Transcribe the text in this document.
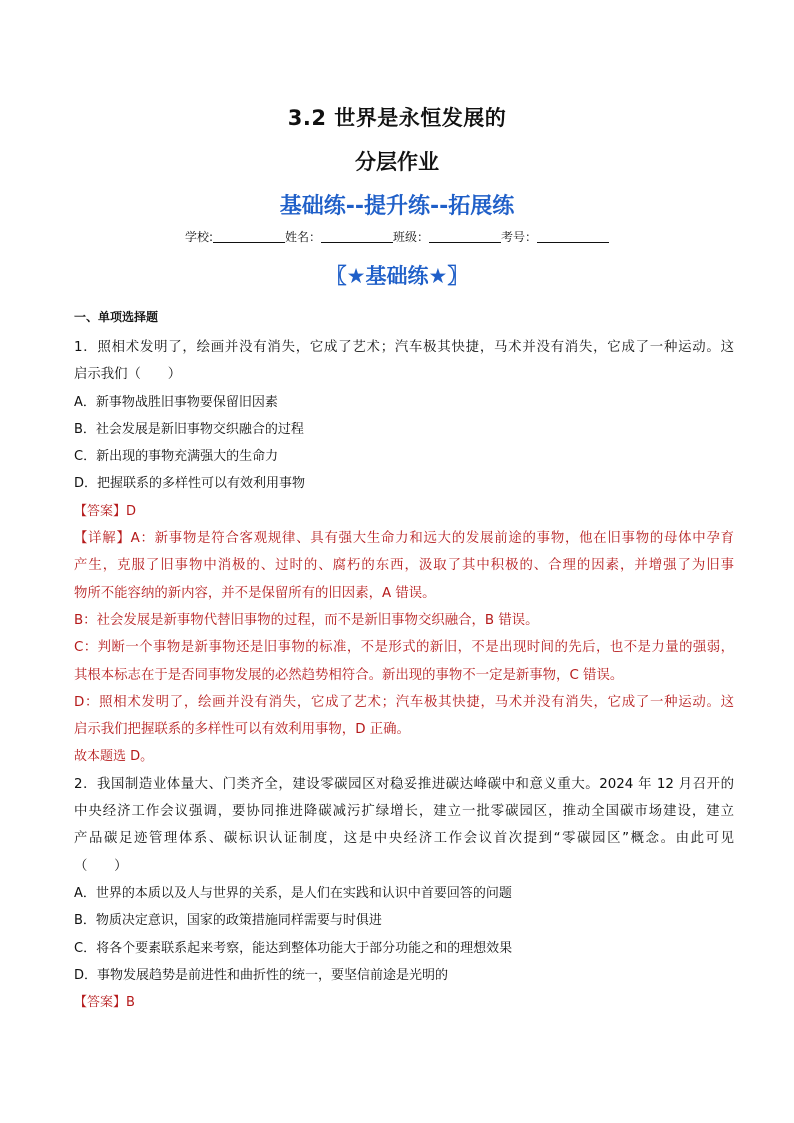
3.2 世界是永恒发展的
分层作业
基础练--提升练--拓展练
学校:	姓名：	班级：	考号：
〖★基础练★〗
一、单项选择题
1．照相术发明了，绘画并没有消失，它成了艺术；汽车极其快捷，马术并没有消失，它成了一种运动。这
启示我们（　　）
A．新事物战胜旧事物要保留旧因素
B．社会发展是新旧事物交织融合的过程
C．新出现的事物充满强大的生命力
D．把握联系的多样性可以有效利用事物
【答案】D
【详解】A：新事物是符合客观规律、具有强大生命力和远大的发展前途的事物，他在旧事物的母体中孕育
产生，克服了旧事物中消极的、过时的、腐朽的东西，汲取了其中积极的、合理的因素，并增强了为旧事
物所不能容纳的新内容，并不是保留所有的旧因素，A 错误。
B：社会发展是新事物代替旧事物的过程，而不是新旧事物交织融合，B 错误。
C：判断一个事物是新事物还是旧事物的标准，不是形式的新旧，不是出现时间的先后，也不是力量的强弱，
其根本标志在于是否同事物发展的必然趋势相符合。新出现的事物不一定是新事物，C 错误。
D：照相术发明了，绘画并没有消失，它成了艺术；汽车极其快捷，马术并没有消失，它成了一种运动。这
启示我们把握联系的多样性可以有效利用事物，D 正确。
故本题选 D。
2．我国制造业体量大、门类齐全，建设零碳园区对稳妥推进碳达峰碳中和意义重大。2024 年 12 月召开的
中央经济工作会议强调，要协同推进降碳减污扩绿增长，建立一批零碳园区，推动全国碳市场建设，建立
产品碳足迹管理体系、碳标识认证制度，这是中央经济工作会议首次提到“零碳园区”概念。由此可见
（　　）
A．世界的本质以及人与世界的关系，是人们在实践和认识中首要回答的问题
B．物质决定意识，国家的政策措施同样需要与时俱进
C．将各个要素联系起来考察，能达到整体功能大于部分功能之和的理想效果
D．事物发展趋势是前进性和曲折性的统一，要坚信前途是光明的
【答案】B
